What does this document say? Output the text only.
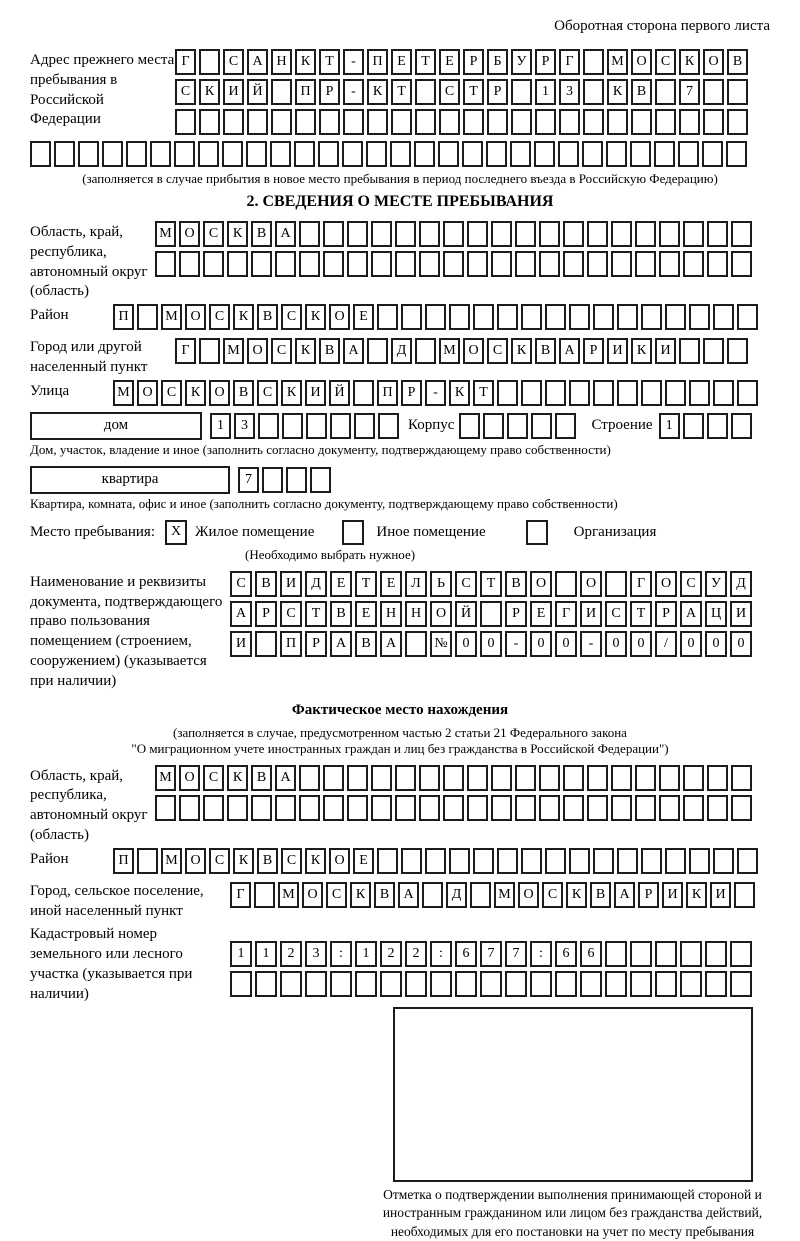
Оборотная сторона первого листа
Адрес прежнего места пребывания в Российской Федерации
Г	С	А Н	К	Т	-	П	Е	Т	Е	Р	Б	У	Р	Г	М О	С	К	О	В
С	К	И Й	П	Р	-	К	Т	С	Т	Р	1	3	К	В	7
(заполняется в случае прибытия в новое место пребывания в период последнего въезда в Российскую Федерацию)
2. СВЕДЕНИЯ О МЕСТЕ ПРЕБЫВАНИЯ
Область, край, республика, автономный округ (область)
М О	С	К	В	А
Район	П	М О	С	К	В	С	К	О	Е
Город или другой населенный пункт
Г	М О	С	К	В	А	Д	М О	С	К	В	А	Р	И	К	И
Улица	М О	С	К	О	В	С	К	И Й	П	Р	-	К	Т
дом	1	3	Корпус	Строение 1
Дом, участок, владение и иное (заполнить согласно документу, подтверждающему право собственности)
квартира	7
Квартира, комната, офис и иное (заполнить согласно документу, подтверждающему право собственности)
Место пребывания:	X Жилое помещение	Иное помещение	Организация
(Необходимо выбрать нужное)
Наименование и реквизиты документа, подтверждающего право пользования помещением (строением, сооружением) (указывается при наличии)
С	В	И	Д	Е	Т	Е	Л	Ь	С	Т	В	О	О	Г	О	С	У	Д
А	Р	С	Т	В	Е	Н	Н	О	Й	Р	Е	Г	И	С	Т	Р	А	Ц	И
И	П	Р	А	В	А	№	0	0	-	0	0	-	0	0	/	0	0	0
Фактическое место нахождения
(заполняется в случае, предусмотренном частью 2 статьи 21 Федерального закона
"О миграционном учете иностранных граждан и лиц без гражданства в Российской Федерации")
Область, край, республика, автономный округ (область)
М О	С	К	В	А
Район	П	М О	С	К	В	С	К	О	Е
Город, сельское поселение, иной населенный пункт
Г	М О	С	К	В	А	Д	М О	С	К	В	А	Р	И	К	И
Кадастровый номер земельного или лесного участка (указывается при наличии)
1	1	2	3	:	1	2	2	:	6	7	7	:	6	6
Отметка о подтверждении выполнения принимающей стороной и иностранным гражданином или лицом без гражданства действий, необходимых для его постановки на учет по месту пребывания
